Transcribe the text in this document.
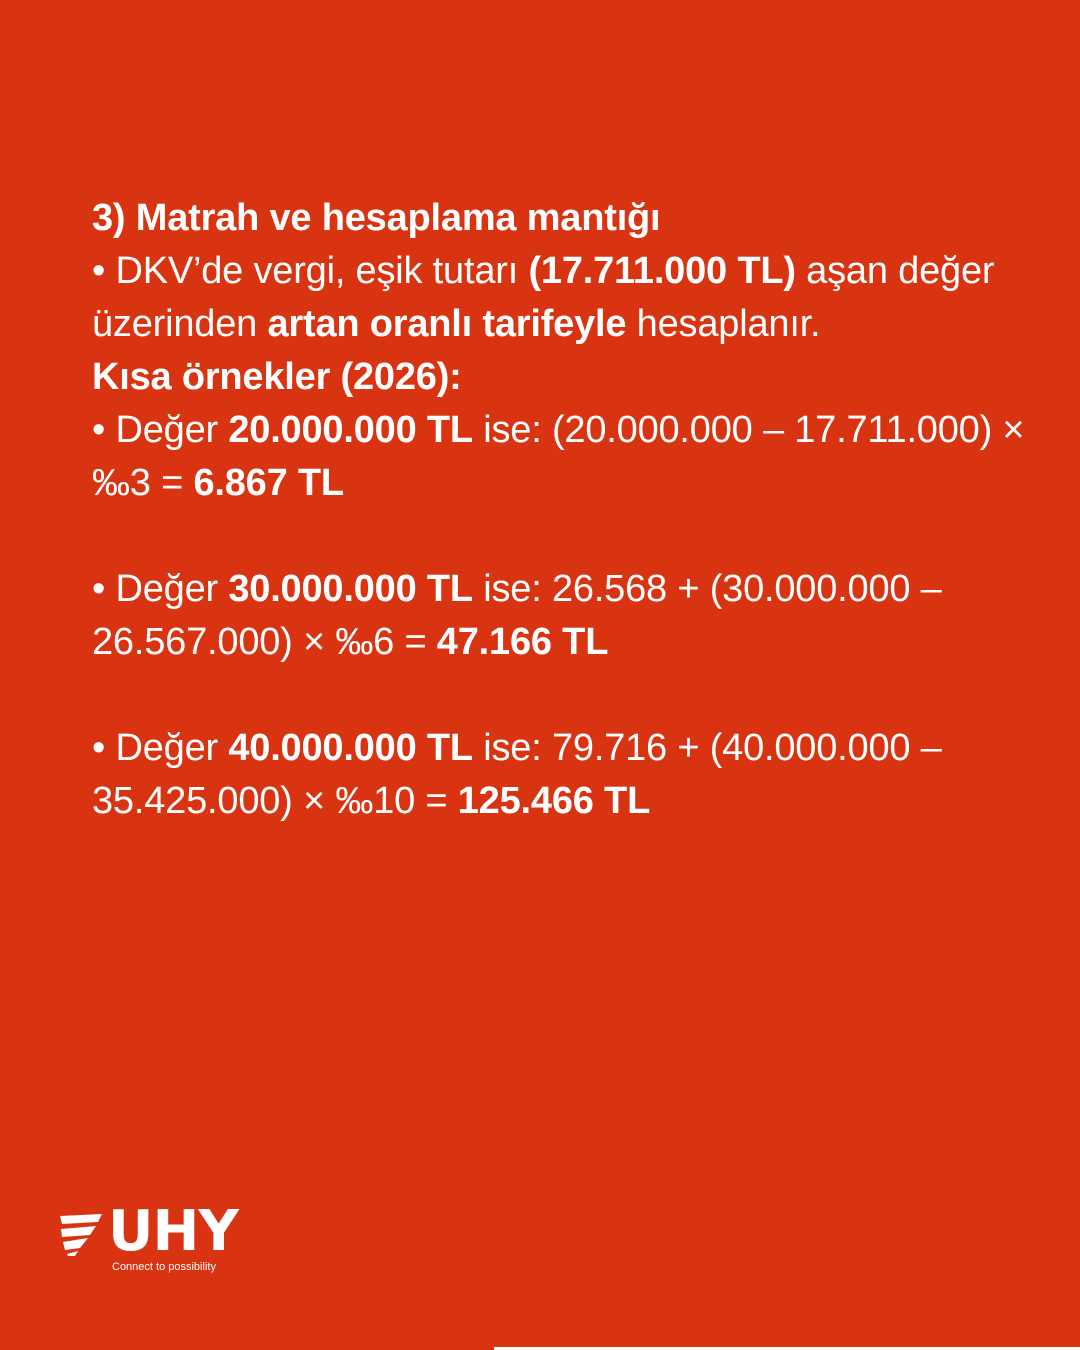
3) Matrah ve hesaplama mantığı

• DKV’de vergi, eşik tutarı (17.711.000 TL) aşan değer üzerinden artan oranlı tarifeyle hesaplanır.

Kısa örnekler (2026):

• Değer 20.000.000 TL ise: (20.000.000 – 17.711.000) × ‰3 = 6.867 TL

• Değer 30.000.000 TL ise: 26.568 + (30.000.000 – 26.567.000) × ‰6 = 47.166 TL

• Değer 40.000.000 TL ise: 79.716 + (40.000.000 – 35.425.000) × ‰10 = 125.466 TL

UHY
Connect to possibility
